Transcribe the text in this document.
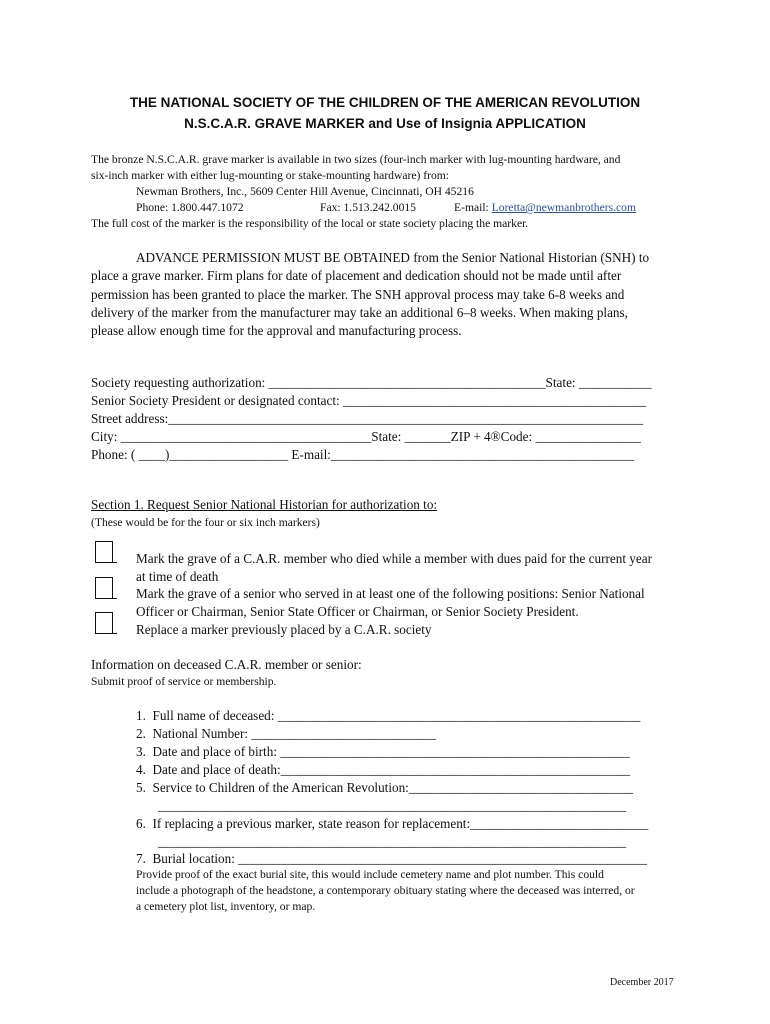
THE NATIONAL SOCIETY OF THE CHILDREN OF THE AMERICAN REVOLUTION
N.S.C.A.R. GRAVE MARKER and Use of Insignia APPLICATION
The bronze N.S.C.A.R. grave marker is available in two sizes (four-inch marker with lug-mounting hardware, and
six-inch marker with either lug-mounting or stake-mounting hardware) from:
Newman Brothers, Inc., 5609 Center Hill Avenue, Cincinnati, OH 45216
Phone: 1.800.447.1072	Fax: 1.513.242.0015	E-mail: Loretta@newmanbrothers.com
The full cost of the marker is the responsibility of the local or state society placing the marker.
ADVANCE PERMISSION MUST BE OBTAINED from the Senior National Historian (SNH) to
place a grave marker. Firm plans for date of placement and dedication should not be made until after
permission has been granted to place the marker. The SNH approval process may take 6-8 weeks and
delivery of the marker from the manufacturer may take an additional 6–8 weeks. When making plans,
please allow enough time for the approval and manufacturing process.
Society requesting authorization: __________________________________________State: ___________
Senior Society President or designated contact: ______________________________________________
Street address:________________________________________________________________________
City: ______________________________________State: _______ZIP + 4®Code: ________________
Phone: ( ____)__________________ E-mail:______________________________________________
Section 1. Request Senior National Historian for authorization to:
(These would be for the four or six inch markers)
Mark the grave of a C.A.R. member who died while a member with dues paid for the current year
at time of death
Mark the grave of a senior who served in at least one of the following positions: Senior National
Officer or Chairman, Senior State Officer or Chairman, or Senior Society President.
Replace a marker previously placed by a C.A.R. society
Information on deceased C.A.R. member or senior:
Submit proof of service or membership.
1. Full name of deceased: _______________________________________________________
2. National Number: ____________________________
3. Date and place of birth: _____________________________________________________
4. Date and place of death:_____________________________________________________
5. Service to Children of the American Revolution:__________________________________
_______________________________________________________________________
6. If replacing a previous marker, state reason for replacement:___________________________
_______________________________________________________________________
7. Burial location: ______________________________________________________________
Provide proof of the exact burial site, this would include cemetery name and plot number. This could
include a photograph of the headstone, a contemporary obituary stating where the deceased was interred, or
a cemetery plot list, inventory, or map.
December 2017
